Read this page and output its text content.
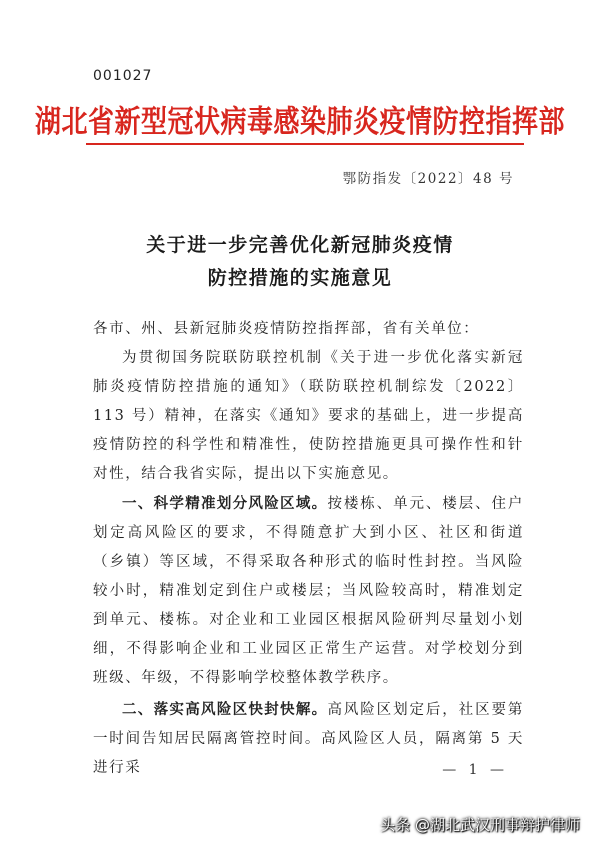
001027
湖北省新型冠状病毒感染肺炎疫情防控指挥部
鄂防指发〔2022〕48 号
关于进一步完善优化新冠肺炎疫情
防控措施的实施意见
各市、州、县新冠肺炎疫情防控指挥部，省有关单位：
为贯彻国务院联防联控机制《关于进一步优化落实新冠肺炎疫情防控措施的通知》（联防联控机制综发〔2022〕113 号）精神，在落实《通知》要求的基础上，进一步提高疫情防控的科学性和精准性，使防控措施更具可操作性和针对性，结合我省实际，提出以下实施意见。
一、科学精准划分风险区域。按楼栋、单元、楼层、住户划定高风险区的要求，不得随意扩大到小区、社区和街道（乡镇）等区域，不得采取各种形式的临时性封控。当风险较小时，精准划定到住户或楼层；当风险较高时，精准划定到单元、楼栋。对企业和工业园区根据风险研判尽量划小划细，不得影响企业和工业园区正常生产运营。对学校划分到班级、年级，不得影响学校整体教学秩序。
二、落实高风险区快封快解。高风险区划定后，社区要第一时间告知居民隔离管控时间。高风险区人员，隔离第 5 天进行采	— 1 —
头条 @湖北武汉刑事辩护律师
